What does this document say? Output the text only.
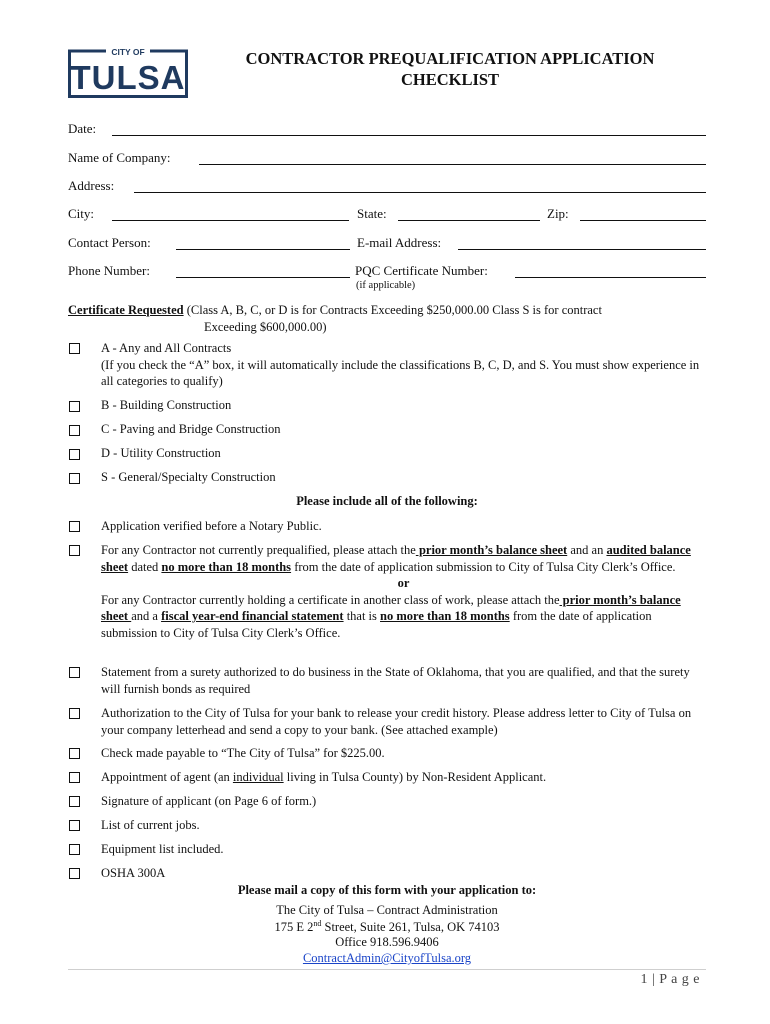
CITY OF
TULSA
CONTRACTOR PREQUALIFICATION APPLICATION
CHECKLIST
Date:
Name of Company:
Address:
City:	State:	Zip:
Contact Person:	E-mail Address:
Phone Number:	PQC Certificate Number:
(if applicable)
Certificate Requested (Class A, B, C, or D is for Contracts Exceeding $250,000.00 Class S is for contract
Exceeding $600,000.00)
A - Any and All Contracts
(If you check the “A” box, it will automatically include the classifications B, C, D, and S. You must show experience in all categories to qualify)
B - Building Construction
C - Paving and Bridge Construction
D - Utility Construction
S - General/Specialty Construction
Please include all of the following:
Application verified before a Notary Public.
For any Contractor not currently prequalified, please attach the prior month’s balance sheet and an audited balance sheet dated no more than 18 months from the date of application submission to City of Tulsa City Clerk’s Office.
or
For any Contractor currently holding a certificate in another class of work, please attach the prior month’s balance sheet and a fiscal year-end financial statement that is no more than 18 months from the date of application submission to City of Tulsa City Clerk’s Office.
Statement from a surety authorized to do business in the State of Oklahoma, that you are qualified, and that the surety will furnish bonds as required
Authorization to the City of Tulsa for your bank to release your credit history. Please address letter to City of Tulsa on your company letterhead and send a copy to your bank. (See attached example)
Check made payable to “The City of Tulsa” for $225.00.
Appointment of agent (an individual living in Tulsa County) by Non-Resident Applicant.
Signature of applicant (on Page 6 of form.)
List of current jobs.
Equipment list included.
OSHA 300A
Please mail a copy of this form with your application to:
The City of Tulsa – Contract Administration
175 E 2nd Street, Suite 261, Tulsa, OK 74103
Office 918.596.9406
ContractAdmin@CityofTulsa.org
1 | P a g e
